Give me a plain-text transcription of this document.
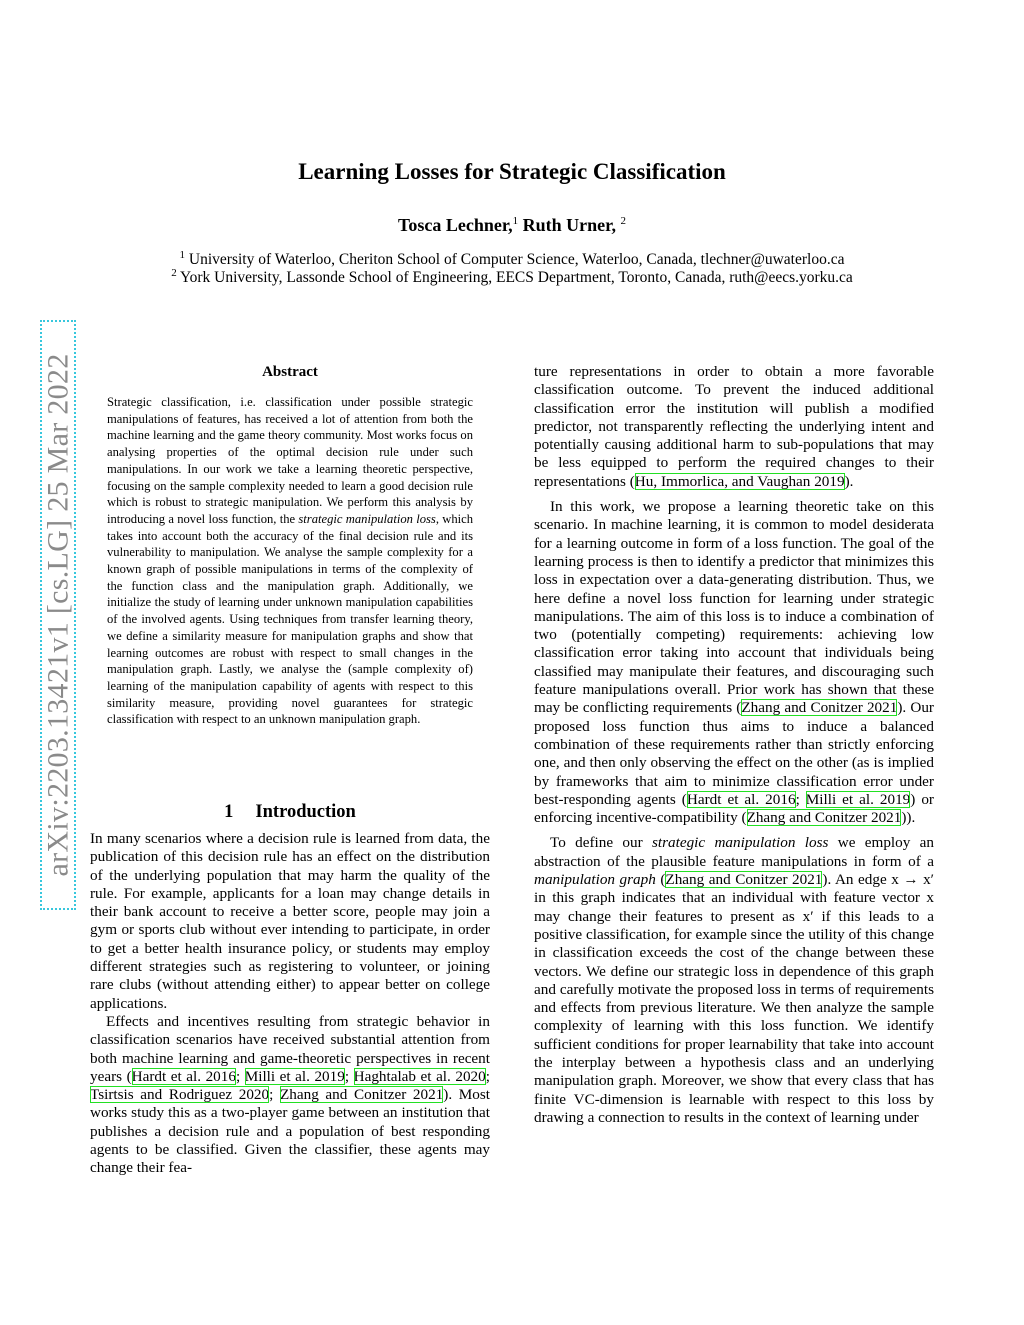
arXiv:2203.13421v1 [cs.LG] 25 Mar 2022
Learning Losses for Strategic Classification
Tosca Lechner,$^1$ Ruth Urner, $^2$
$^1$ University of Waterloo, Cheriton School of Computer Science, Waterloo, Canada, tlechner@uwaterloo.ca
$^2$ York University, Lassonde School of Engineering, EECS Department, Toronto, Canada, ruth@eecs.yorku.ca
Abstract
Strategic classification, i.e. classification under possible strategic manipulations of features, has received a lot of attention from both the machine learning and the game theory community. Most works focus on analysing properties of the optimal decision rule under such manipulations. In our work we take a learning theoretic perspective, focusing on the sample complexity needed to learn a good decision rule which is robust to strategic manipulation. We perform this analysis by introducing a novel loss function, the strategic manipulation loss, which takes into account both the accuracy of the final decision rule and its vulnerability to manipulation. We analyse the sample complexity for a known graph of possible manipulations in terms of the complexity of the function class and the manipulation graph. Additionally, we initialize the study of learning under unknown manipulation capabilities of the involved agents. Using techniques from transfer learning theory, we define a similarity measure for manipulation graphs and show that learning outcomes are robust with respect to small changes in the manipulation graph. Lastly, we analyse the (sample complexity of) learning of the manipulation capability of agents with respect to this similarity measure, providing novel guarantees for strategic classification with respect to an unknown manipulation graph.
1 Introduction

In many scenarios where a decision rule is learned from data, the publication of this decision rule has an effect on the distribution of the underlying population that may harm the quality of the rule. For example, applicants for a loan may change details in their bank account to receive a better score, people may join a gym or sports club without ever intending to participate, in order to get a better health insurance policy, or students may employ different strategies such as registering to volunteer, or joining rare clubs (without attending either) to appear better on college applications.

Effects and incentives resulting from strategic behavior in classification scenarios have received substantial attention from both machine learning and game-theoretic perspectives in recent years (Hardt et al. 2016; Milli et al. 2019; Haghtalab et al. 2020; Tsirtsis and Rodriguez 2020; Zhang and Conitzer 2021). Most works study this as a two-player game between an institution that publishes a decision rule and a population of best responding agents to be classified. Given the classifier, these agents may change their fea-

ture representations in order to obtain a more favorable classification outcome. To prevent the induced additional classification error the institution will publish a modified predictor, not transparently reflecting the underlying intent and potentially causing additional harm to sub-populations that may be less equipped to perform the required changes to their representations (Hu, Immorlica, and Vaughan 2019).

In this work, we propose a learning theoretic take on this scenario. In machine learning, it is common to model desiderata for a learning outcome in form of a loss function. The goal of the learning process is then to identify a predictor that minimizes this loss in expectation over a data-generating distribution. Thus, we here define a novel loss function for learning under strategic manipulations. The aim of this loss is to induce a combination of two (potentially competing) requirements: achieving low classification error taking into account that individuals being classified may manipulate their features, and discouraging such feature manipulations overall. Prior work has shown that these may be conflicting requirements (Zhang and Conitzer 2021). Our proposed loss function thus aims to induce a balanced combination of these requirements rather than strictly enforcing one, and then only observing the effect on the other (as is implied by frameworks that aim to minimize classification error under best-responding agents (Hardt et al. 2016; Milli et al. 2019) or enforcing incentive-compatibility (Zhang and Conitzer 2021)).

To define our strategic manipulation loss we employ an abstraction of the plausible feature manipulations in form of a manipulation graph (Zhang and Conitzer 2021). An edge x → x′ in this graph indicates that an individual with feature vector x may change their features to present as x′ if this leads to a positive classification, for example since the utility of this change in classification exceeds the cost of the change between these vectors. We define our strategic loss in dependence of this graph and carefully motivate the proposed loss in terms of requirements and effects from previous literature. We then analyze the sample complexity of learning with this loss function. We identify sufficient conditions for proper learnability that take into account the interplay between a hypothesis class and an underlying manipulation graph. Moreover, we show that every class that has finite VC-dimension is learnable with respect to this loss by drawing a connection to results in the context of learning under
